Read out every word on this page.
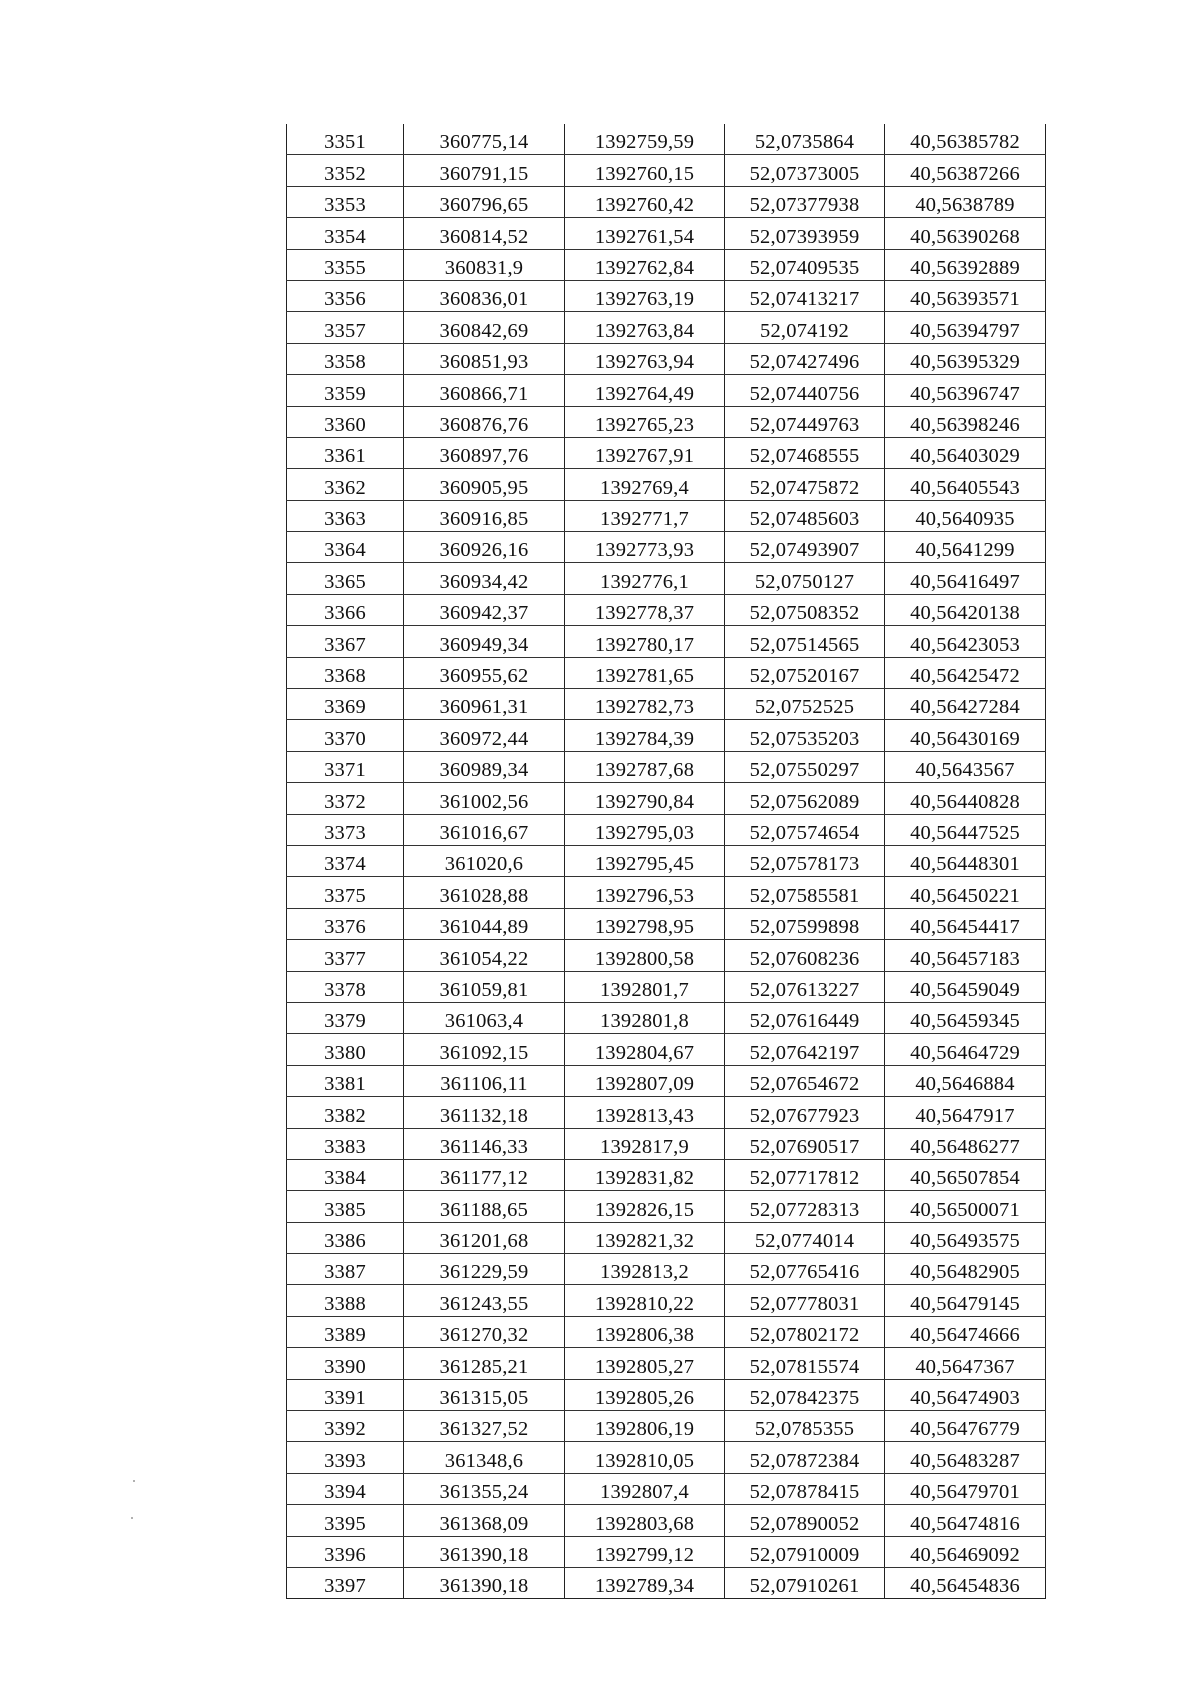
3351	360775,14	1392759,59	52,0735864	40,56385782
3352	360791,15	1392760,15	52,07373005	40,56387266
3353	360796,65	1392760,42	52,07377938	40,5638789
3354	360814,52	1392761,54	52,07393959	40,56390268
3355	360831,9	1392762,84	52,07409535	40,56392889
3356	360836,01	1392763,19	52,07413217	40,56393571
3357	360842,69	1392763,84	52,074192	40,56394797
3358	360851,93	1392763,94	52,07427496	40,56395329
3359	360866,71	1392764,49	52,07440756	40,56396747
3360	360876,76	1392765,23	52,07449763	40,56398246
3361	360897,76	1392767,91	52,07468555	40,56403029
3362	360905,95	1392769,4	52,07475872	40,56405543
3363	360916,85	1392771,7	52,07485603	40,5640935
3364	360926,16	1392773,93	52,07493907	40,5641299
3365	360934,42	1392776,1	52,0750127	40,56416497
3366	360942,37	1392778,37	52,07508352	40,56420138
3367	360949,34	1392780,17	52,07514565	40,56423053
3368	360955,62	1392781,65	52,07520167	40,56425472
3369	360961,31	1392782,73	52,0752525	40,56427284
3370	360972,44	1392784,39	52,07535203	40,56430169
3371	360989,34	1392787,68	52,07550297	40,5643567
3372	361002,56	1392790,84	52,07562089	40,56440828
3373	361016,67	1392795,03	52,07574654	40,56447525
3374	361020,6	1392795,45	52,07578173	40,56448301
3375	361028,88	1392796,53	52,07585581	40,56450221
3376	361044,89	1392798,95	52,07599898	40,56454417
3377	361054,22	1392800,58	52,07608236	40,56457183
3378	361059,81	1392801,7	52,07613227	40,56459049
3379	361063,4	1392801,8	52,07616449	40,56459345
3380	361092,15	1392804,67	52,07642197	40,56464729
3381	361106,11	1392807,09	52,07654672	40,5646884
3382	361132,18	1392813,43	52,07677923	40,5647917
3383	361146,33	1392817,9	52,07690517	40,56486277
3384	361177,12	1392831,82	52,07717812	40,56507854
3385	361188,65	1392826,15	52,07728313	40,56500071
3386	361201,68	1392821,32	52,0774014	40,56493575
3387	361229,59	1392813,2	52,07765416	40,56482905
3388	361243,55	1392810,22	52,07778031	40,56479145
3389	361270,32	1392806,38	52,07802172	40,56474666
3390	361285,21	1392805,27	52,07815574	40,5647367
3391	361315,05	1392805,26	52,07842375	40,56474903
3392	361327,52	1392806,19	52,0785355	40,56476779
3393	361348,6	1392810,05	52,07872384	40,56483287
3394	361355,24	1392807,4	52,07878415	40,56479701
3395	361368,09	1392803,68	52,07890052	40,56474816
3396	361390,18	1392799,12	52,07910009	40,56469092
3397	361390,18	1392789,34	52,07910261	40,56454836
